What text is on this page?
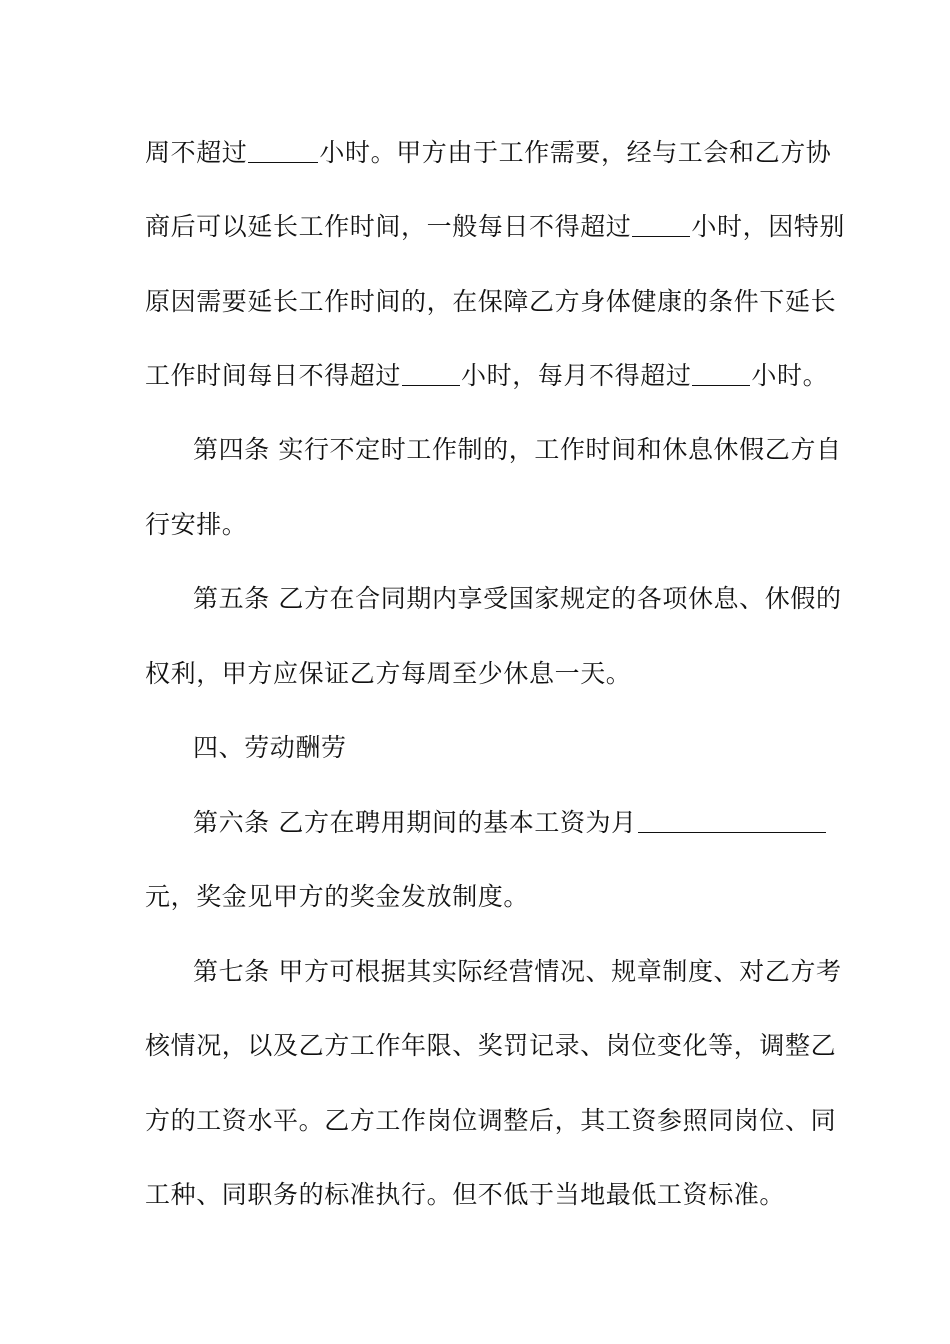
周不超过	小时。甲方由于工作需要，经与工会和乙方协
商后可以延长工作时间，一般每日不得超过 小时，因特别
原因需要延长工作时间的，在保障乙方身体健康的条件下延长
工作时间每日不得超过 小时，每月不得超过 小时。
第四条 实行不定时工作制的，工作时间和休息休假乙方自
行安排。
第五条 乙方在合同期内享受国家规定的各项休息、休假的
权利，甲方应保证乙方每周至少休息一天。
四、劳动酬劳
第六条 乙方在聘用期间的基本工资为月
元，奖金见甲方的奖金发放制度。
第七条 甲方可根据其实际经营情况、规章制度、对乙方考
核情况，以及乙方工作年限、奖罚记录、岗位变化等，调整乙
方的工资水平。乙方工作岗位调整后，其工资参照同岗位、同
工种、同职务的标准执行。但不低于当地最低工资标准。
